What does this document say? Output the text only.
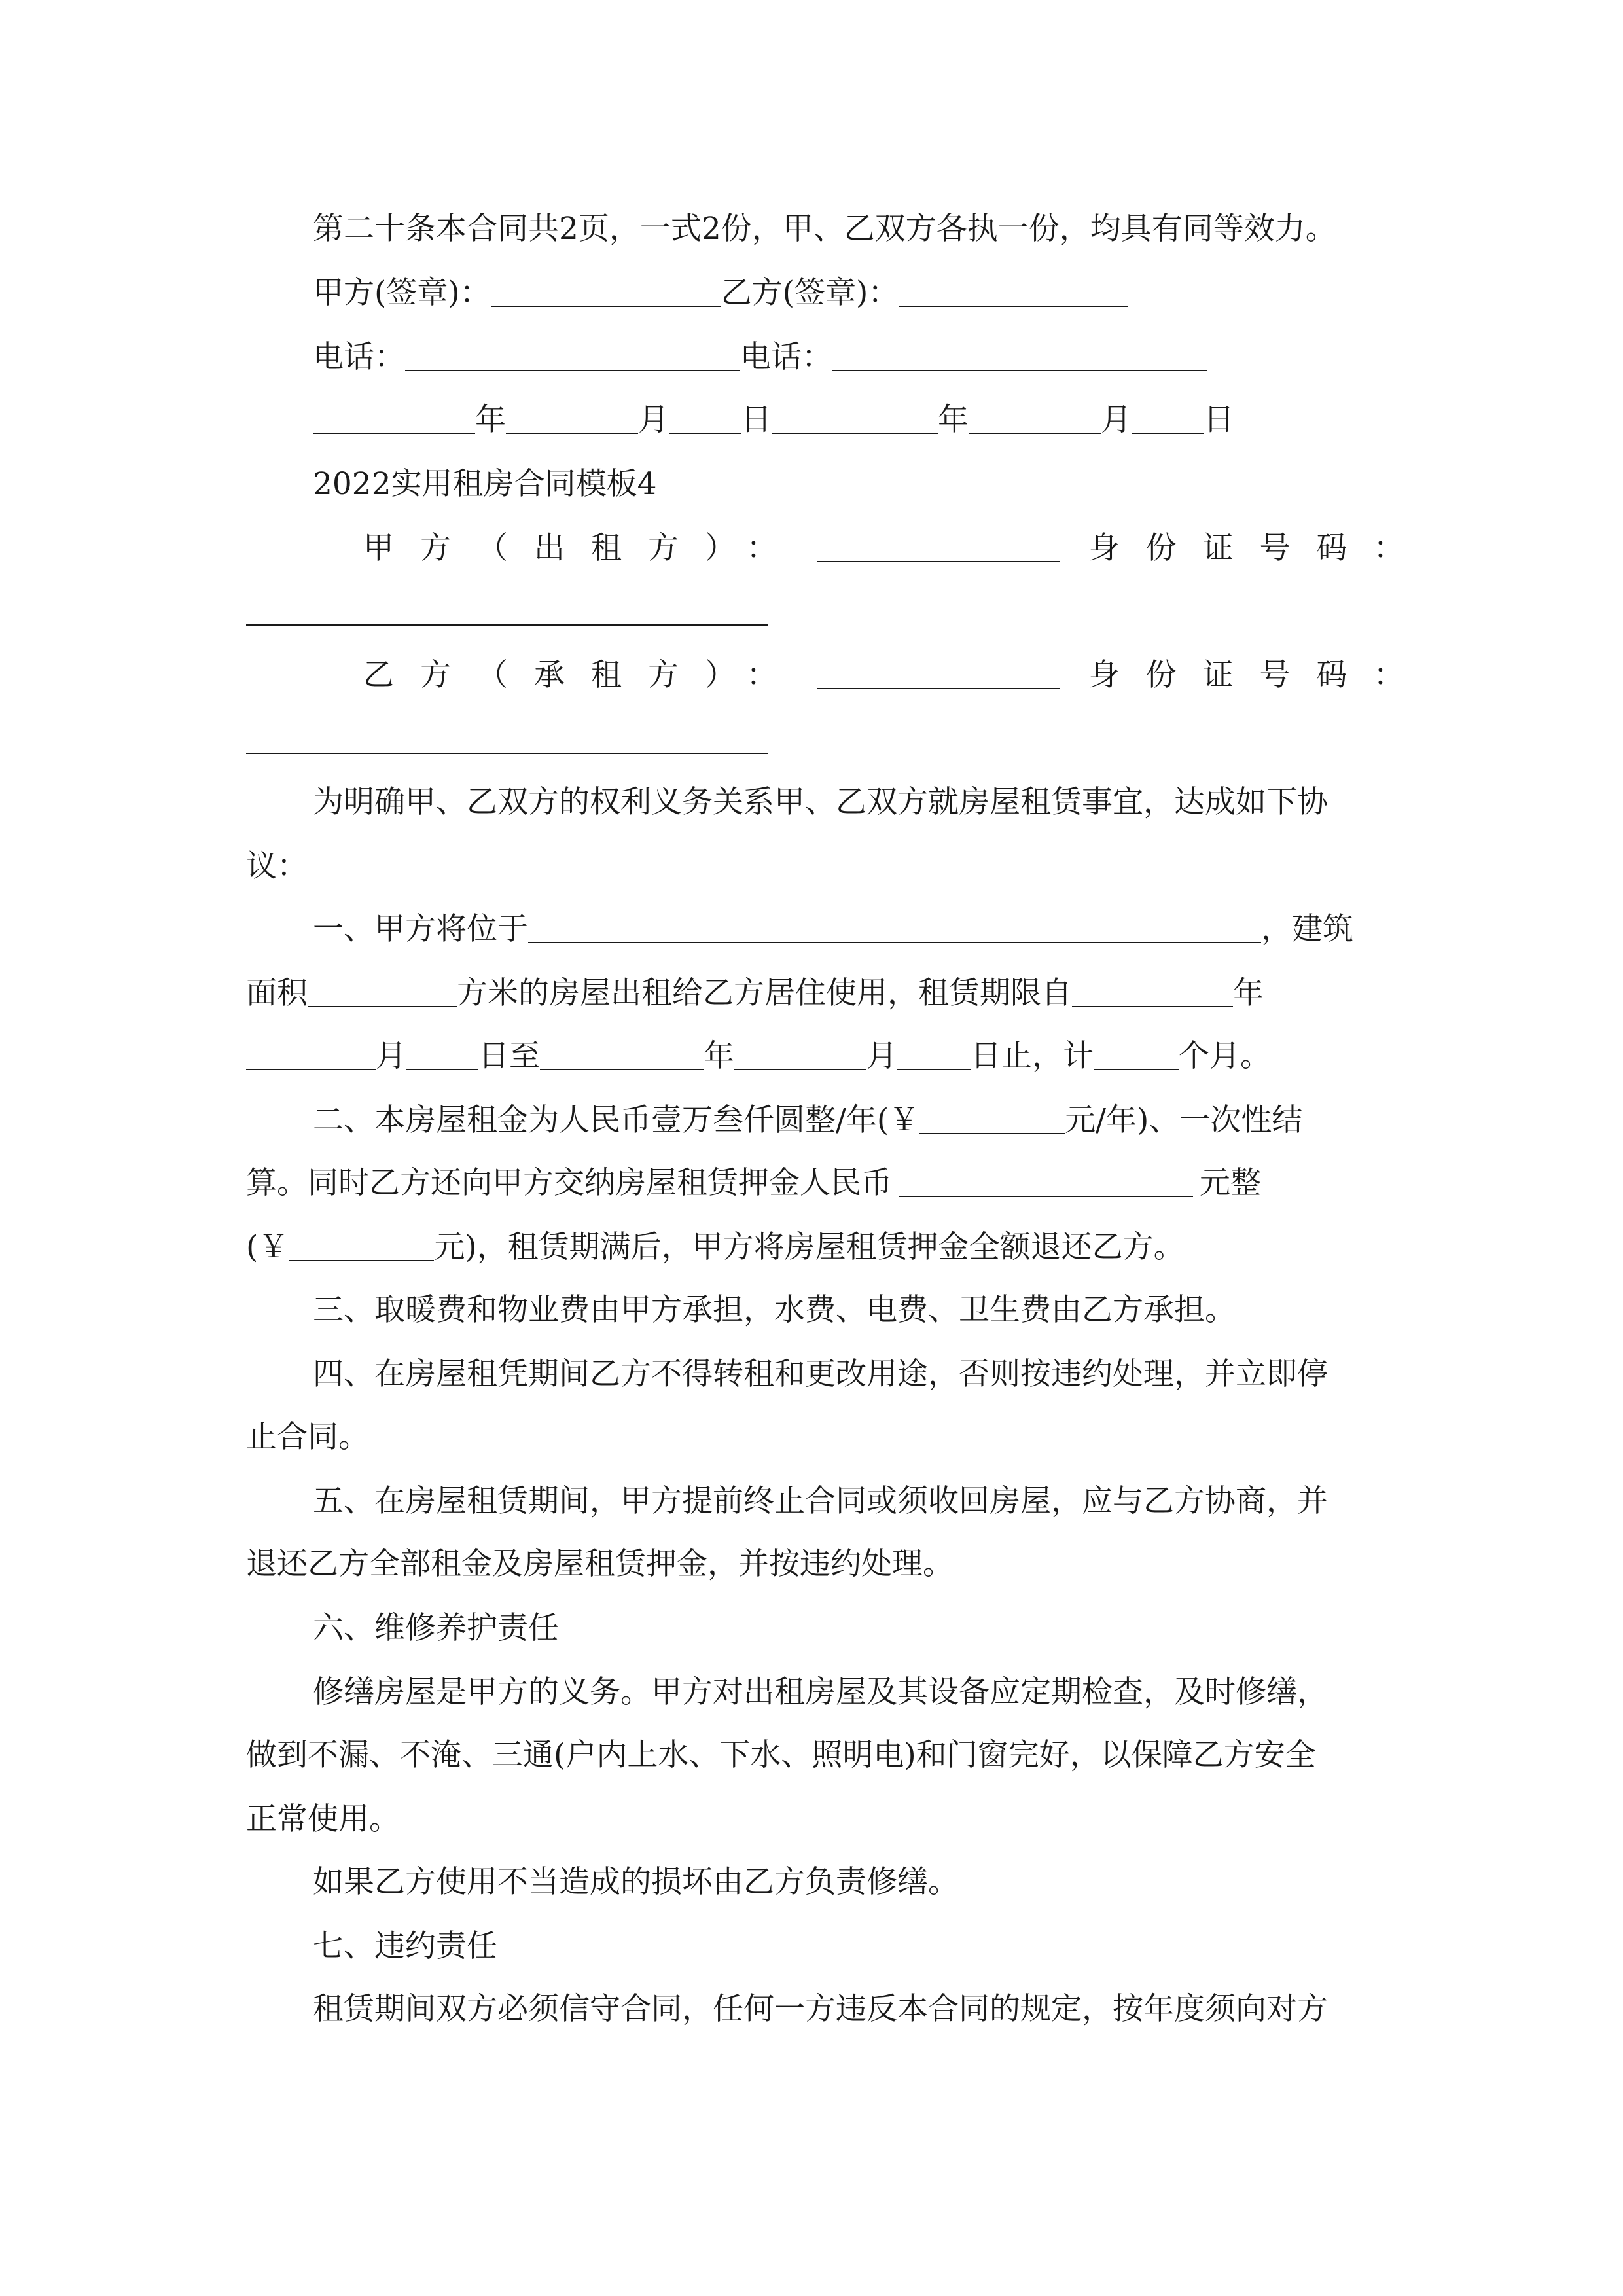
第二十条本合同共2页，一式2份，甲、乙双方各执一份，均具有同等效力。
甲方(签章)：	乙方(签章)：
电话：	电话：
年	月 日	年	月 日
2022实用租房合同模板4
甲方（出租方）：	身份证号码：
乙方（承租方）：	身份证号码：
为明确甲、乙双方的权利义务关系甲、乙双方就房屋租赁事宜，达成如下协
议：
一、甲方将位于	，建筑
面积	方米的房屋出租给乙方居住使用，租赁期限自	年
月 日至	年	月 日止，计	个月。
二、本房屋租金为人民币壹万叁仟圆整/年(￥	元/年)、一次性结
算。同时乙方还向甲方交纳房屋租赁押金人民币	元整
(￥	元)，租赁期满后，甲方将房屋租赁押金全额退还乙方。
三、取暖费和物业费由甲方承担，水费、电费、卫生费由乙方承担。
四、在房屋租凭期间乙方不得转租和更改用途，否则按违约处理，并立即停
止合同。
五、在房屋租赁期间，甲方提前终止合同或须收回房屋，应与乙方协商，并
退还乙方全部租金及房屋租赁押金，并按违约处理。
六、维修养护责任
修缮房屋是甲方的义务。甲方对出租房屋及其设备应定期检查，及时修缮，
做到不漏、不淹、三通(户内上水、下水、照明电)和门窗完好，以保障乙方安全
正常使用。
如果乙方使用不当造成的损坏由乙方负责修缮。
七、违约责任
租赁期间双方必须信守合同，任何一方违反本合同的规定，按年度须向对方
